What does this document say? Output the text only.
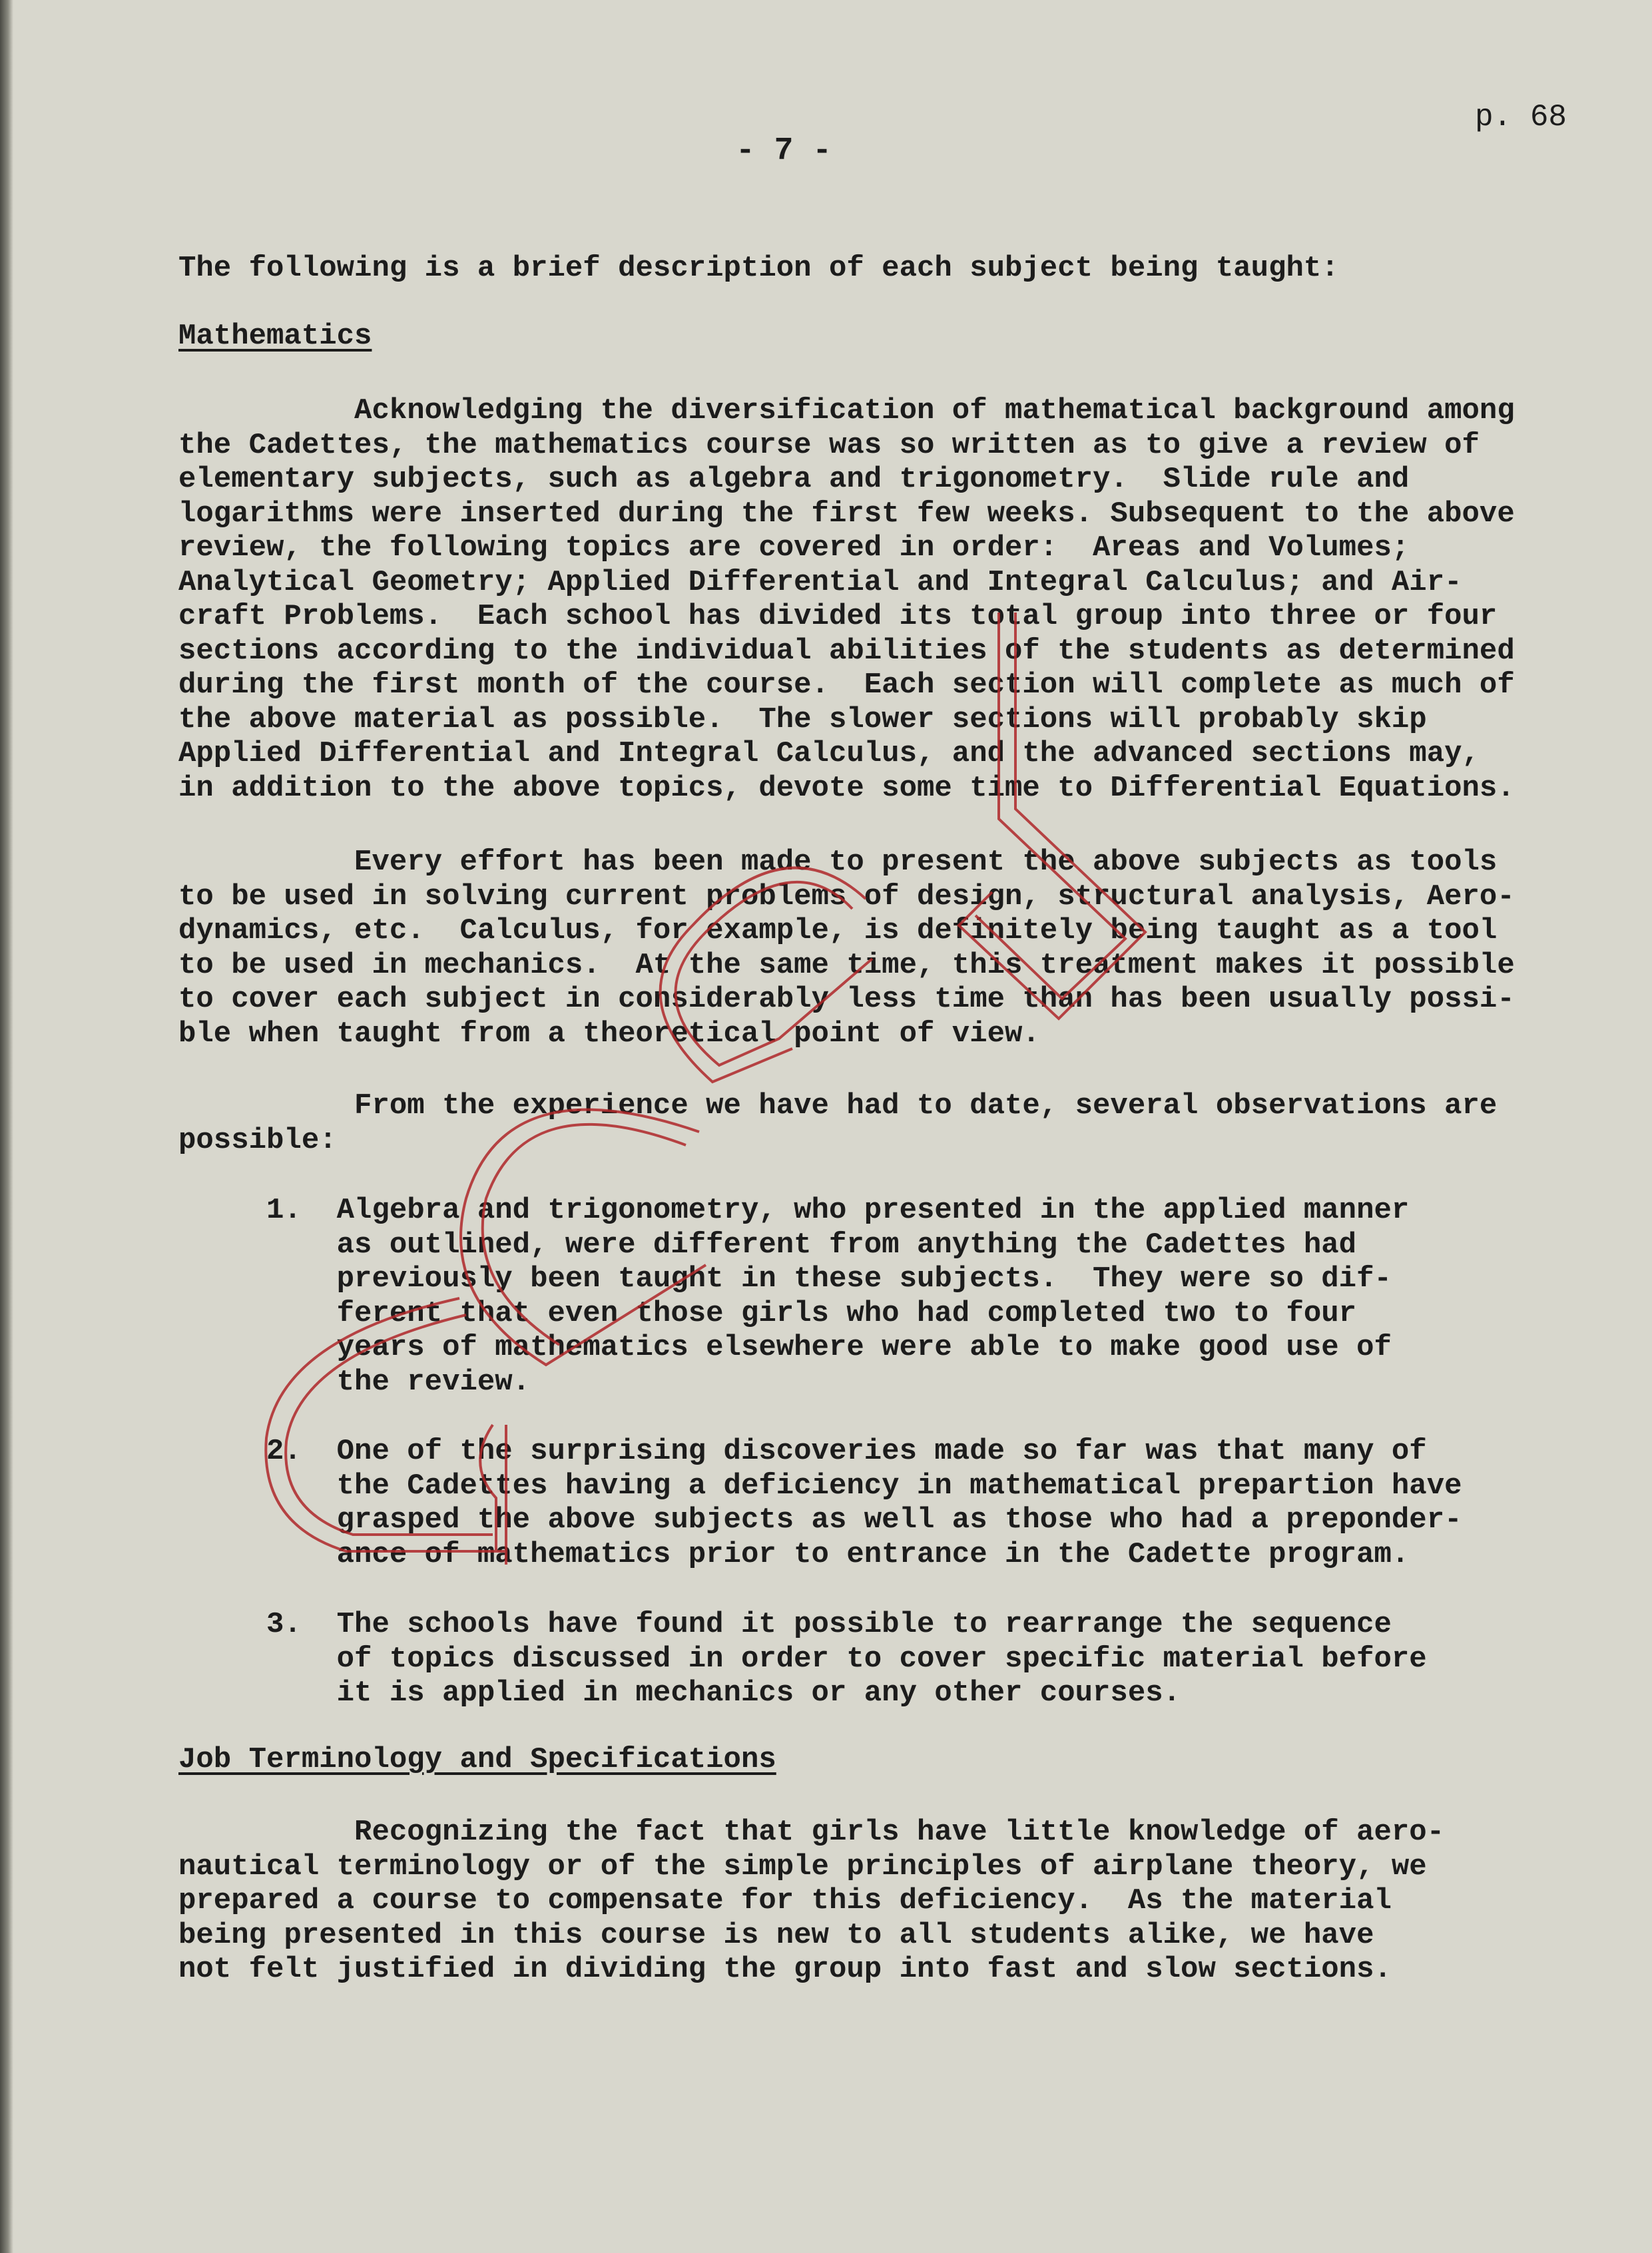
p. 68
- 7 -
The following is a brief description of each subject being taught:
Mathematics
Acknowledging the diversification of mathematical background among
the Cadettes, the mathematics course was so written as to give a review of
elementary subjects, such as algebra and trigonometry.  Slide rule and
logarithms were inserted during the first few weeks. Subsequent to the above
review, the following topics are covered in order:  Areas and Volumes;
Analytical Geometry; Applied Differential and Integral Calculus; and Air-
craft Problems.  Each school has divided its total group into three or four
sections according to the individual abilities of the students as determined
during the first month of the course.  Each section will complete as much of
the above material as possible.  The slower sections will probably skip
Applied Differential and Integral Calculus, and the advanced sections may,
in addition to the above topics, devote some time to Differential Equations.
Every effort has been made to present the above subjects as tools
to be used in solving current problems of design, structural analysis, Aero-
dynamics, etc.  Calculus, for example, is definitely being taught as a tool
to be used in mechanics.  At the same time, this treatment makes it possible
to cover each subject in considerably less time than has been usually possi-
ble when taught from a theoretical point of view.
From the experience we have had to date, several observations are
possible:
1.  Algebra and trigonometry, who presented in the applied manner
as outlined, were different from anything the Cadettes had
previously been taught in these subjects.  They were so dif-
ferent that even those girls who had completed two to four
years of mathematics elsewhere were able to make good use of
the review.
2.  One of the surprising discoveries made so far was that many of
the Cadettes having a deficiency in mathematical prepartion have
grasped the above subjects as well as those who had a preponder-
ance of mathematics prior to entrance in the Cadette program.
3.  The schools have found it possible to rearrange the sequence
of topics discussed in order to cover specific material before
it is applied in mechanics or any other courses.
Job Terminology and Specifications
Recognizing the fact that girls have little knowledge of aero-
nautical terminology or of the simple principles of airplane theory, we
prepared a course to compensate for this deficiency.  As the material
being presented in this course is new to all students alike, we have
not felt justified in dividing the group into fast and slow sections.
